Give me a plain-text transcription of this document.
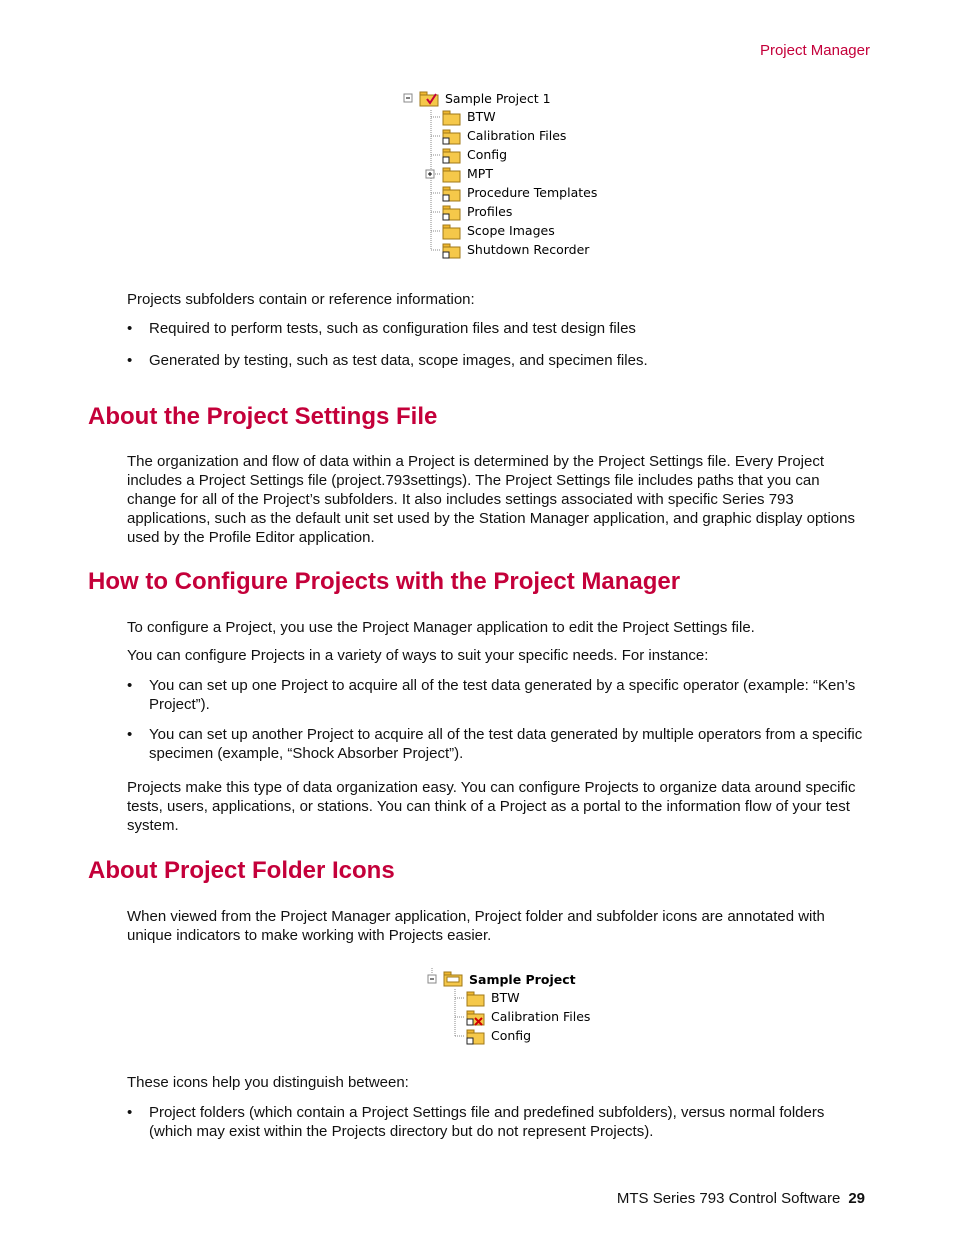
Project Manager
Sample Project 1
BTW
Calibration Files
Config
MPT
Procedure Templates
Profiles
Scope Images
Shutdown Recorder
Projects subfolders contain or reference information:
• Required to perform tests, such as configuration files and test design files
• Generated by testing, such as test data, scope images, and specimen files.
About the Project Settings File
The organization and flow of data within a Project is determined by the Project Settings file. Every Project includes a Project Settings file (project.793settings). The Project Settings file includes paths that you can change for all of the Project’s subfolders. It also includes settings associated with specific Series 793 applications, such as the default unit set used by the Station Manager application, and graphic display options used by the Profile Editor application.
How to Configure Projects with the Project Manager
To configure a Project, you use the Project Manager application to edit the Project Settings file.
You can configure Projects in a variety of ways to suit your specific needs. For instance:
• You can set up one Project to acquire all of the test data generated by a specific operator (example: “Ken’s Project”).
• You can set up another Project to acquire all of the test data generated by multiple operators from a specific specimen (example, “Shock Absorber Project”).
Projects make this type of data organization easy. You can configure Projects to organize data around specific tests, users, applications, or stations. You can think of a Project as a portal to the information flow of your test system.
About Project Folder Icons
When viewed from the Project Manager application, Project folder and subfolder icons are annotated with unique indicators to make working with Projects easier.
Sample Project
BTW
Calibration Files
Config
These icons help you distinguish between:
• Project folders (which contain a Project Settings file and predefined subfolders), versus normal folders (which may exist within the Projects directory but do not represent Projects).
MTS Series 793 Control Software 29
